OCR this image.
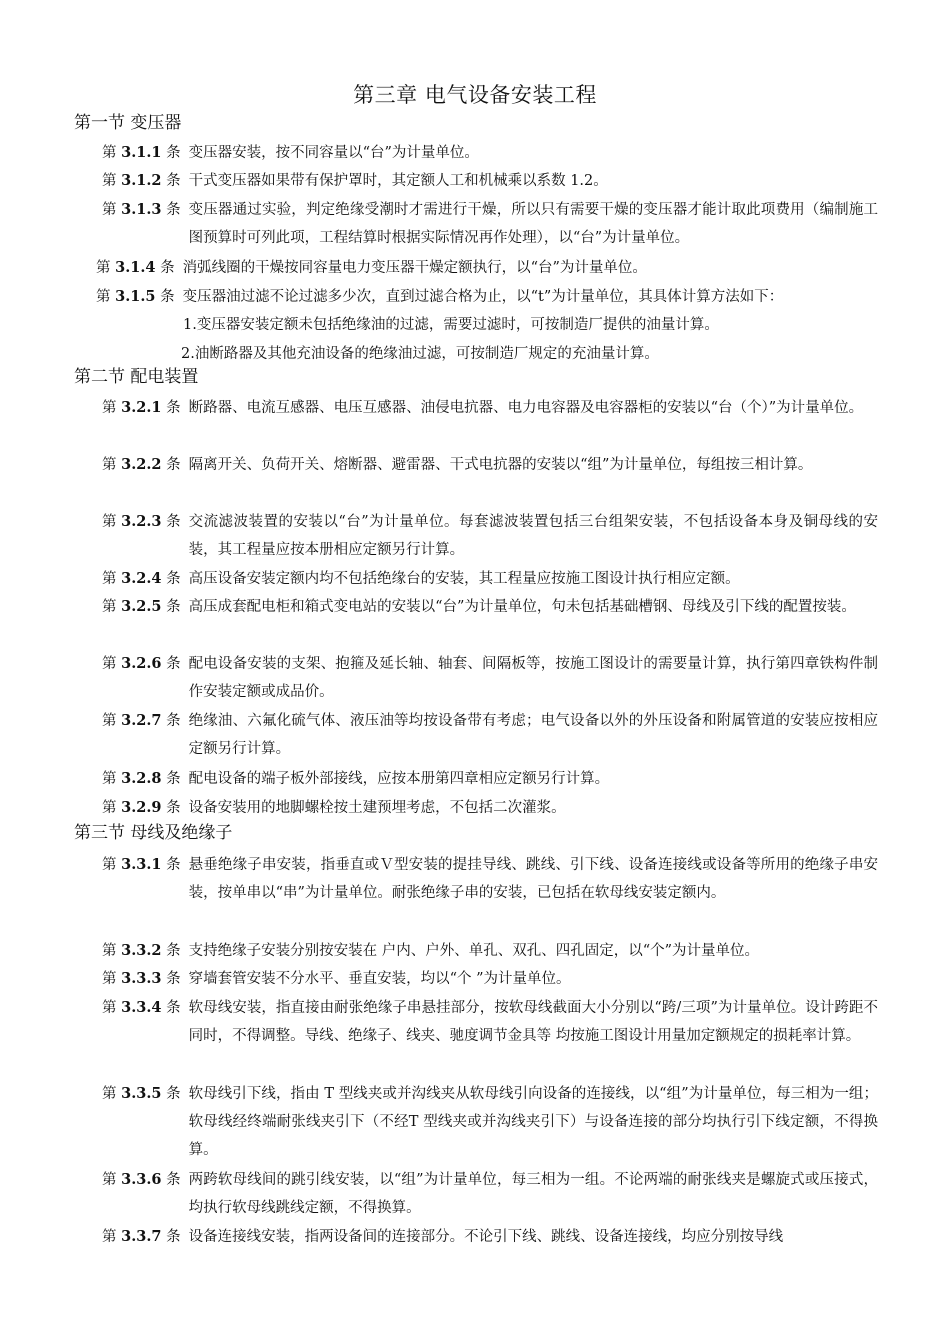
第三章 电气设备安装工程
第一节 变压器
第 3.1.1 条 变压器安装，按不同容量以“台”为计量单位。
第 3.1.2 条 干式变压器如果带有保护罩时，其定额人工和机械乘以系数 1.2。
第 3.1.3 条 变压器通过实验，判定绝缘受潮时才需进行干燥，所以只有需要干燥的变压器才能计取此项费用（编制施工图预算时可列此项，工程结算时根据实际情况再作处理），以“台”为计量单位。
第 3.1.4 条 消弧线圈的干燥按同容量电力变压器干燥定额执行，以“台”为计量单位。
第 3.1.5 条 变压器油过滤不论过滤多少次，直到过滤合格为止，以“t”为计量单位，其具体计算方法如下：
1.变压器安装定额未包括绝缘油的过滤，需要过滤时，可按制造厂提供的油量计算。
2.油断路器及其他充油设备的绝缘油过滤，可按制造厂规定的充油量计算。
第二节 配电装置
第 3.2.1 条 断路器、电流互感器、电压互感器、油侵电抗器、电力电容器及电容器柜的安装以“台（个）”为计量单位。
第 3.2.2 条 隔离开关、负荷开关、熔断器、避雷器、干式电抗器的安装以“组”为计量单位，每组按三相计算。
第 3.2.3 条 交流滤波装置的安装以“台”为计量单位。每套滤波装置包括三台组架安装，不包括设备本身及铜母线的安装，其工程量应按本册相应定额另行计算。
第 3.2.4 条 高压设备安装定额内均不包括绝缘台的安装，其工程量应按施工图设计执行相应定额。
第 3.2.5 条 高压成套配电柜和箱式变电站的安装以“台”为计量单位，句未包括基础槽钢、母线及引下线的配置按装。
第 3.2.6 条 配电设备安装的支架、抱箍及延长轴、轴套、间隔板等，按施工图设计的需要量计算，执行第四章铁构件制作安装定额或成品价。
第 3.2.7 条 绝缘油、六氟化硫气体、液压油等均按设备带有考虑；电气设备以外的外压设备和附属管道的安装应按相应定额另行计算。
第 3.2.8 条 配电设备的端子板外部接线，应按本册第四章相应定额另行计算。
第 3.2.9 条 设备安装用的地脚螺栓按土建预埋考虑，不包括二次灌浆。
第三节 母线及绝缘子
第 3.3.1 条 悬垂绝缘子串安装，指垂直或Ｖ型安装的提挂导线、跳线、引下线、设备连接线或设备等所用的绝缘子串安装，按单串以“串”为计量单位。耐张绝缘子串的安装，已包括在软母线安装定额内。
第 3.3.2 条 支持绝缘子安装分别按安装在 户内、户外、单孔、双孔、四孔固定，以“个”为计量单位。
第 3.3.3 条 穿墙套管安装不分水平、垂直安装，均以“个 ”为计量单位。
第 3.3.4 条 软母线安装，指直接由耐张绝缘子串悬挂部分，按软母线截面大小分别以“跨/三项”为计量单位。设计跨距不 同时，不得调整。导线、绝缘子、线夹、驰度调节金具等 均按施工图设计用量加定额规定的损耗率计算。
第 3.3.5 条 软母线引下线，指由 T 型线夹或并沟线夹从软母线引向设备的连接线，以“组”为计量单位，每三相为一组；软母线经终端耐张线夹引下（不经T 型线夹或并沟线夹引下）与设备连接的部分均执行引下线定额，不得换算。
第 3.3.6 条 两跨软母线间的跳引线安装，以“组”为计量单位，每三相为一组。不论两端的耐张线夹是螺旋式或压接式，均执行软母线跳线定额，不得换算。
第 3.3.7 条 设备连接线安装，指两设备间的连接部分。不论引下线、跳线、设备连接线，均应分别按导线
